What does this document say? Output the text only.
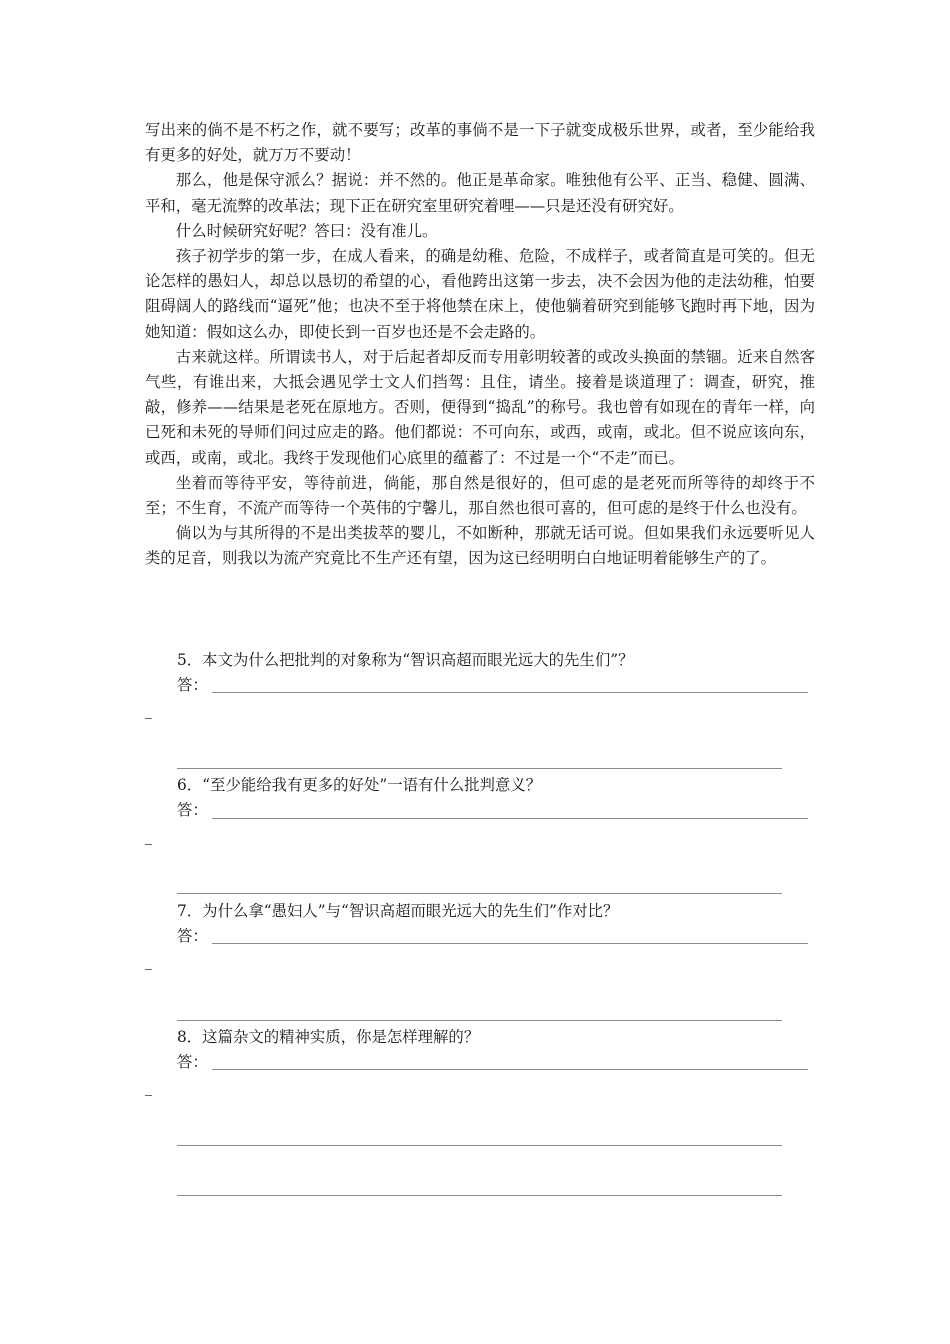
写出来的倘不是不朽之作，就不要写；改革的事倘不是一下子就变成极乐世界，或者，至少能给我有更多的好处，就万万不要动！

那么，他是保守派么？据说：并不然的。他正是革命家。唯独他有公平、正当、稳健、圆满、平和，毫无流弊的改革法；现下正在研究室里研究着哩——只是还没有研究好。

什么时候研究好呢？答曰：没有准儿。

孩子初学步的第一步，在成人看来，的确是幼稚、危险，不成样子，或者简直是可笑的。但无论怎样的愚妇人，却总以恳切的希望的心，看他跨出这第一步去，决不会因为他的走法幼稚，怕要阻碍阔人的路线而“逼死”他；也决不至于将他禁在床上，使他躺着研究到能够飞跑时再下地，因为她知道：假如这么办，即使长到一百岁也还是不会走路的。

古来就这样。所谓读书人，对于后起者却反而专用彰明较著的或改头换面的禁锢。近来自然客气些，有谁出来，大抵会遇见学士文人们挡驾：且住，请坐。接着是谈道理了：调查，研究，推敲，修养——结果是老死在原地方。否则，便得到“捣乱”的称号。我也曾有如现在的青年一样，向已死和未死的导师们问过应走的路。他们都说：不可向东，或西，或南，或北。但不说应该向东，或西，或南，或北。我终于发现他们心底里的蕴蓄了：不过是一个“不走”而已。

坐着而等待平安，等待前进，倘能，那自然是很好的，但可虑的是老死而所等待的却终于不至；不生育，不流产而等待一个英伟的宁馨儿，那自然也很可喜的，但可虑的是终于什么也没有。

倘以为与其所得的不是出类拔萃的婴儿，不如断种，那就无话可说。但如果我们永远要听见人类的足音，则我以为流产究竟比不生产还有望，因为这已经明明白白地证明着能够生产的了。

5．本文为什么把批判的对象称为“智识高超而眼光远大的先生们”？
答：
6．“至少能给我有更多的好处”一语有什么批判意义？
答：
7．为什么拿“愚妇人”与“智识高超而眼光远大的先生们”作对比？
答：
8．这篇杂文的精神实质，你是怎样理解的？
答：
